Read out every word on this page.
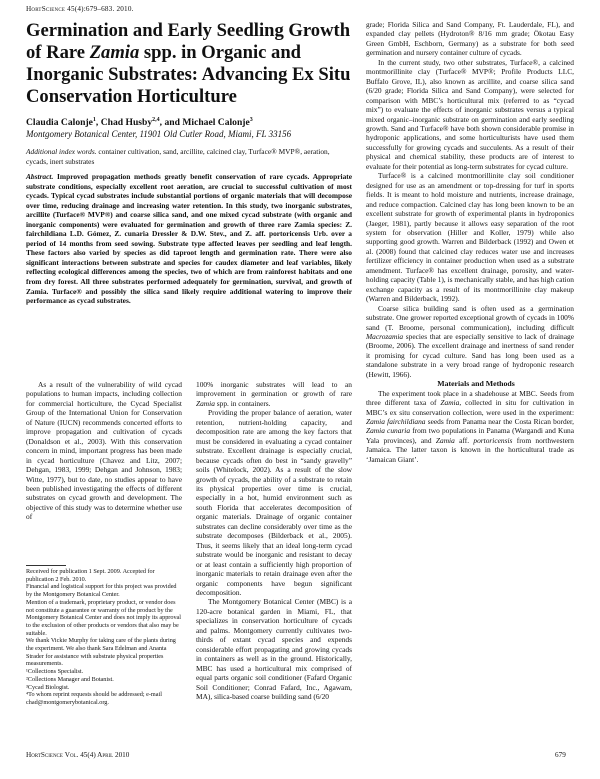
HortScience 45(4):679–683. 2010.
Germination and Early Seedling Growth of Rare Zamia spp. in Organic and Inorganic Substrates: Advancing Ex Situ Conservation Horticulture
Claudia Calonje$^1$, Chad Husby$^{2,4}$, and Michael Calonje$^3$
Montgomery Botanical Center, 11901 Old Cutler Road, Miami, FL 33156
Additional index words. container cultivation, sand, arcillite, calcined clay, Turface® MVP®, aeration, cycads, inert substrates
Abstract. Improved propagation methods greatly benefit conservation of rare cycads. Appropriate substrate conditions, especially excellent root aeration, are crucial to successful cultivation of most cycads. Typical cycad substrates include substantial portions of organic materials that will decompose over time, reducing drainage and increasing water retention. In this study, two inorganic substrates, arcillite (Turface® MVP®) and coarse silica sand, and one mixed cycad substrate (with organic and inorganic components) were evaluated for germination and growth of three rare Zamia species: Z. fairchildiana L.D. Gómez, Z. cunaria Dressler & D.W. Stev., and Z. aff. portoricensis Urb. over a period of 14 months from seed sowing. Substrate type affected leaves per seedling and leaf length. These factors also varied by species as did taproot length and germination rate. There were also significant interactions between substrate and species for caudex diameter and leaf variables, likely reflecting ecological differences among the species, two of which are from rainforest habitats and one from dry forest. All three substrates performed adequately for germination, survival, and growth of Zamia. Turface® and possibly the silica sand likely require additional watering to improve their performance as cycad substrates.

As a result of the vulnerability of wild cycad populations to human impacts, including collection for commercial horticulture, the Cycad Specialist Group of the International Union for Conservation of Nature (IUCN) recommends concerted efforts to improve propagation and cultivation of cycads (Donaldson et al., 2003). With this conservation concern in mind, important progress has been made in cycad horticulture (Chavez and Litz, 2007; Dehgan, 1983, 1999; Dehgan and Johnson, 1983; Witte, 1977), but to date, no studies appear to have been published investigating the effects of different substrates on cycad growth and development. The objective of this study was to determine whether use of

Received for publication 1 Sept. 2009. Accepted for publication 2 Feb. 2010.
Financial and logistical support for this project was provided by the Montgomery Botanical Center.
Mention of a trademark, proprietary product, or vendor does not constitute a guarantee or warranty of the product by the Montgomery Botanical Center and does not imply its approval to the exclusion of other products or vendors that also may be suitable.
We thank Vickie Murphy for taking care of the plants during the experiment. We also thank Sara Edelman and Ananta Strader for assistance with substrate physical properties measurements.
¹Collections Specialist.
²Collections Manager and Botanist.
³Cycad Biologist.
⁴To whom reprint requests should be addressed; e-mail chad@montgomerybotanical.org.

100% inorganic substrates will lead to an improvement in germination or growth of rare Zamia spp. in containers.

Providing the proper balance of aeration, water retention, nutrient-holding capacity, and decomposition rate are among the key factors that must be considered in evaluating a cycad container substrate. Excellent drainage is especially crucial, because cycads often do best in “sandy gravelly” soils (Whitelock, 2002). As a result of the slow growth of cycads, the ability of a substrate to retain its physical properties over time is crucial, especially in a hot, humid environment such as south Florida that accelerates decomposition of organic materials. Drainage of organic container substrates can decline considerably over time as the substrate decomposes (Bilderback et al., 2005). Thus, it seems likely that an ideal long-term cycad substrate would be inorganic and resistant to decay or at least contain a sufficiently high proportion of inorganic materials to retain drainage even after the organic components have begun significant decomposition.

The Montgomery Botanical Center (MBC) is a 120-acre botanical garden in Miami, FL, that specializes in conservation horticulture of cycads and palms. Montgomery currently cultivates two-thirds of extant cycad species and expends considerable effort propagating and growing cycads in containers as well as in the ground. Historically, MBC has used a horticultural mix comprised of equal parts organic soil conditioner (Fafard Organic Soil Conditioner; Conrad Fafard, Inc., Agawam, MA), silica-based coarse building sand (6/20

grade; Florida Silica and Sand Company, Ft. Lauderdale, FL), and expanded clay pellets (Hydroton® 8/16 mm grade; Ökotau Easy Green GmbH, Eschborn, Germany) as a substrate for both seed germination and nursery container culture of cycads.

In the current study, two other substrates, Turface®, a calcined montmorillinite clay (Turface® MVP®; Profile Products LLC, Buffalo Grove, IL), also known as arcillite, and coarse silica sand (6/20 grade; Florida Silica and Sand Company), were selected for comparison with MBC’s horticultural mix (referred to as “cycad mix”) to evaluate the effects of inorganic substrates versus a typical mixed organic–inorganic substrate on germination and early seedling growth. Sand and Turface® have both shown considerable promise in hydroponic applications, and some horticulturists have used them successfully for growing cycads and succulents. As a result of their physical and chemical stability, these products are of interest to evaluate for their potential as long-term substrates for cycad culture.

Turface® is a calcined montmorillinite clay soil conditioner designed for use as an amendment or top-dressing for turf in sports fields. It is meant to hold moisture and nutrients, increase drainage, and reduce compaction. Calcined clay has long been known to be an excellent substrate for growth of experimental plants in hydroponics (Jaeger, 1981), partly because it allows easy separation of the root system for observation (Hiller and Koller, 1979) while also supporting good growth. Warren and Bilderback (1992) and Owen et al. (2008) found that calcined clay reduces water use and increases fertilizer efficiency in container production when used as a substrate amendment. Turface® has excellent drainage, porosity, and water-holding capacity (Table 1), is mechanically stable, and has high cation exchange capacity as a result of its montmorillinite clay makeup (Warren and Bilderback, 1992).

Coarse silica building sand is often used as a germination substrate. One grower reported exceptional growth of cycads in 100% sand (T. Broome, personal communication), including difficult Macrozamia species that are especially sensitive to lack of drainage (Broome, 2006). The excellent drainage and inertness of sand render it promising for cycad culture. Sand has long been used as a standalone substrate in a very broad range of hydroponic research (Hewitt, 1966).

Materials and Methods

The experiment took place in a shadehouse at MBC. Seeds from three different taxa of Zamia, collected in situ for cultivation in MBC’s ex situ conservation collection, were used in the experiment: Zamia fairchildiana seeds from Panama near the Costa Rican border, Zamia cunaria from two populations in Panama (Wargandi and Kuna Yala provinces), and Zamia aff. portoricensis from northwestern Jamaica. The latter taxon is known in the horticultural trade as ‘Jamaican Giant’.

HortScience Vol. 45(4) April 2010	679
